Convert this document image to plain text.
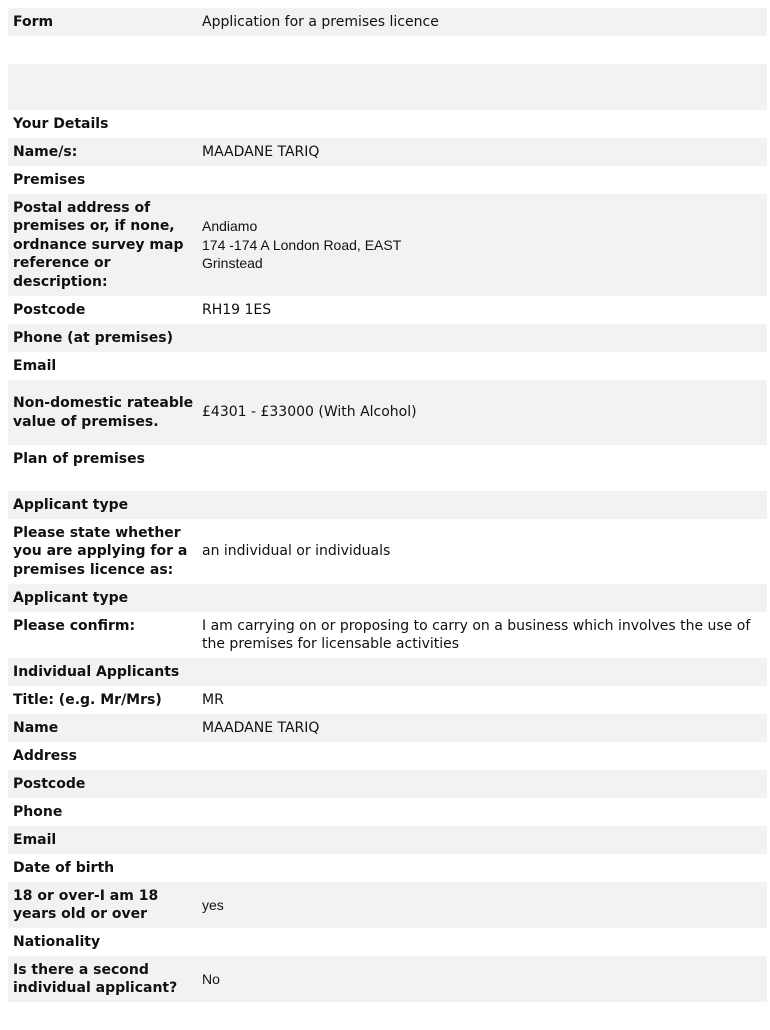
Form	Application for a premises licence

Your Details	
Name/s:	MAADANE TARIQ
Premises	
Postal address of premises or, if none, ordnance survey map reference or description:	Andiamo
174 -174 A London Road, EAST
Grinstead

Postcode	RH19 1ES
Phone (at premises)	
Email	
Non-domestic rateable value of premises.	£4301 - £33000 (With Alcohol)
Plan of premises	
Applicant type	
Please state whether you are applying for a premises licence as:	an individual or individuals
Applicant type	
Please confirm:	I am carrying on or proposing to carry on a business which involves the use of the premises for licensable activities
Individual Applicants	
Title: (e.g. Mr/Mrs)	MR
Name	MAADANE TARIQ
Address	
Postcode	
Phone	
Email	
Date of birth	
18 or over-I am 18 years old or over	yes
Nationality	
Is there a second individual applicant?	No
